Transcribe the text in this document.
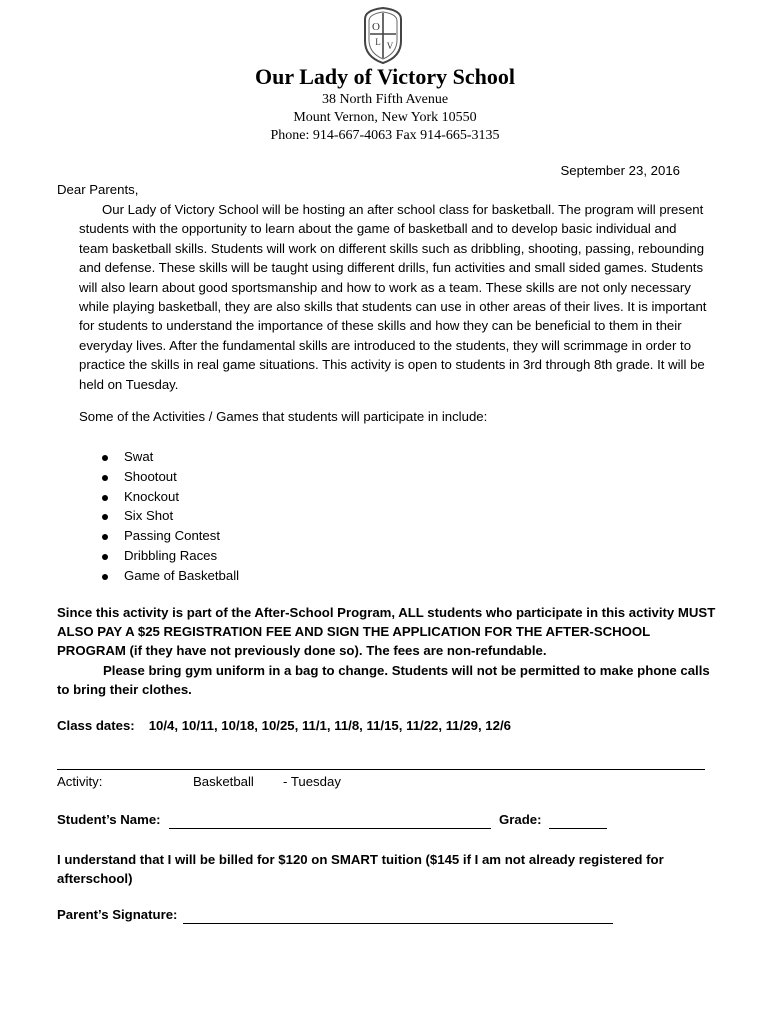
O
L V
Our Lady of Victory School
38 North Fifth Avenue
Mount Vernon, New York 10550
Phone: 914-667-4063 Fax 914-665-3135
September 23, 2016
Dear Parents,
Our Lady of Victory School will be hosting an after school class for basketball. The program will present students with the opportunity to learn about the game of basketball and to develop basic individual and team basketball skills. Students will work on different skills such as dribbling, shooting, passing, rebounding and defense. These skills will be taught using different drills, fun activities and small sided games. Students will also learn about good sportsmanship and how to work as a team. These skills are not only necessary while playing basketball, they are also skills that students can use in other areas of their lives. It is important for students to understand the importance of these skills and how they can be beneficial to them in their everyday lives. After the fundamental skills are introduced to the students, they will scrimmage in order to practice the skills in real game situations. This activity is open to students in 3rd through 8th grade. It will be held on Tuesday.
Some of the Activities / Games that students will participate in include:
Swat
Shootout
Knockout
Six Shot
Passing Contest
Dribbling Races
Game of Basketball

Since this activity is part of the After-School Program, ALL students who participate in this activity MUST ALSO PAY A $25 REGISTRATION FEE AND SIGN THE APPLICATION FOR THE AFTER-SCHOOL PROGRAM (if they have not previously done so). The fees are non-refundable.

Please bring gym uniform in a bag to change. Students will not be permitted to make phone calls to bring their clothes.

Class dates: 10/4, 10/11, 10/18, 10/25, 11/1, 11/8, 11/15, 11/22, 11/29, 12/6
Activity:	Basketball - Tuesday
Student’s Name:	Grade:
I understand that I will be billed for $120 on SMART tuition ($145 if I am not already registered for afterschool)
Parent’s Signature:
